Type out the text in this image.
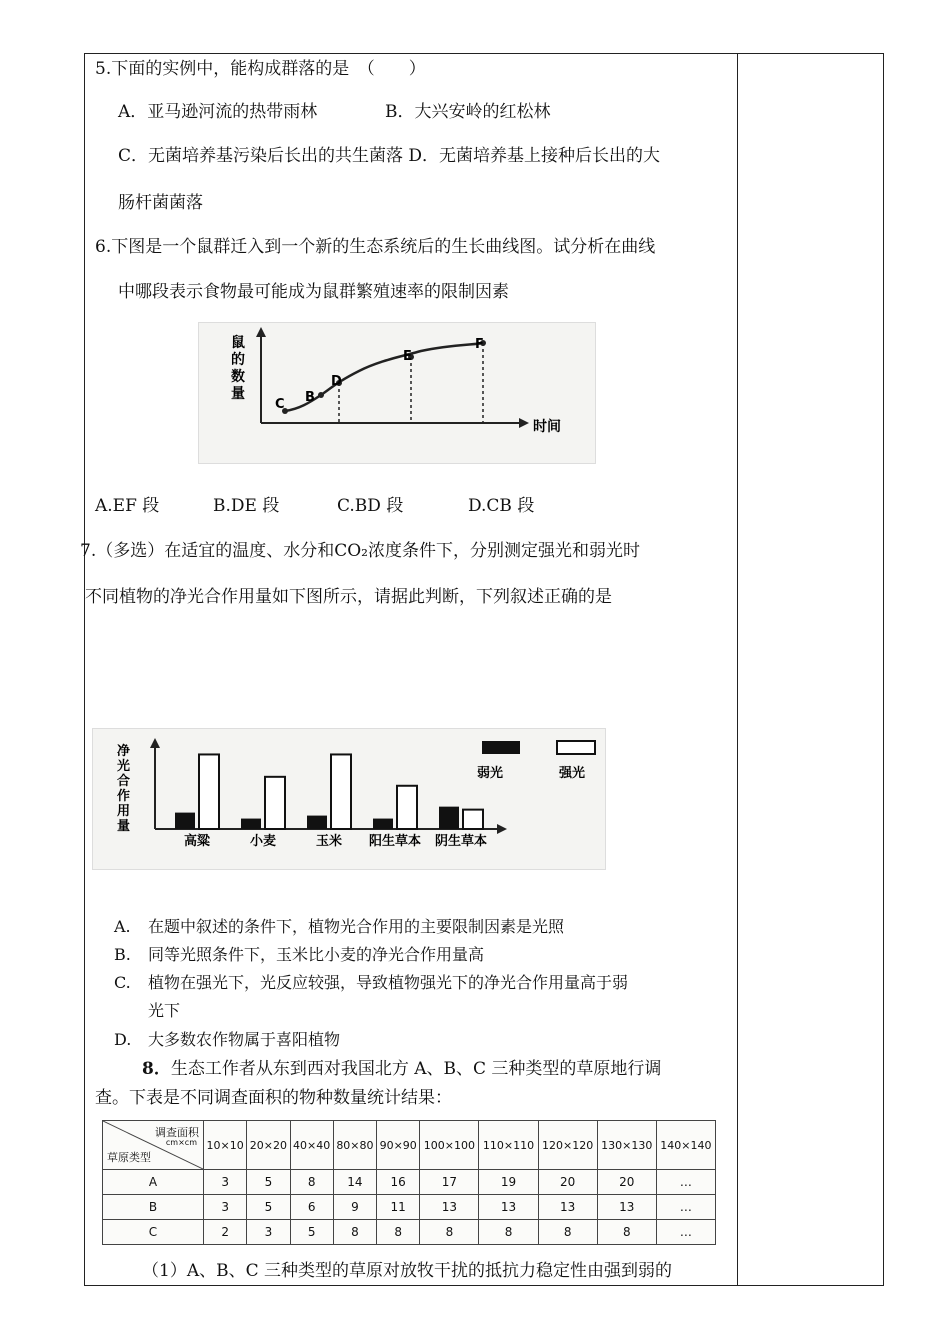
5.下面的实例中，能构成群落的是　（　　）
A．亚马逊河流的热带雨林	B．大兴安岭的红松林
C．无菌培养基污染后长出的共生菌落 D．无菌培养基上接种后长出的大
肠杆菌菌落
6.下图是一个鼠群迁入到一个新的生态系统后的生长曲线图。试分析在曲线
中哪段表示食物最可能成为鼠群繁殖速率的限制因素
鼠
的
数
量
时间
C B
D
E
F
A.EF 段	B.DE 段	C.BD 段	D.CB 段
7.（多选）在适宜的温度、水分和CO₂浓度条件下，分别测定强光和弱光时
不同植物的净光合作用量如下图所示，请据此判断，下列叙述正确的是
净
光
合
作
用
量
弱光	强光
高粱	小麦	玉米 阳生草本 阴生草本
A. 在题中叙述的条件下，植物光合作用的主要限制因素是光照
B. 同等光照条件下，玉米比小麦的净光合作用量高
C. 植物在强光下，光反应较强，导致植物强光下的净光合作用量高于弱
光下
D. 大多数农作物属于喜阳植物
8．生态工作者从东到西对我国北方 A、B、C 三种类型的草原地行调
查。下表是不同调查面积的物种数量统计结果：
调查面积
cm×cm
草原类型	10×10	20×20	40×40	80×80	90×90	100×100	110×110	120×120	130×130	140×140
A	3	5	8	14	16	17	19	20	20	…
B	3	5	6	9	11	13	13	13	13	…
C	2	3	5	8	8	8	8	8	8	…
（1）A、B、C 三种类型的草原对放牧干扰的抵抗力稳定性由强到弱的
